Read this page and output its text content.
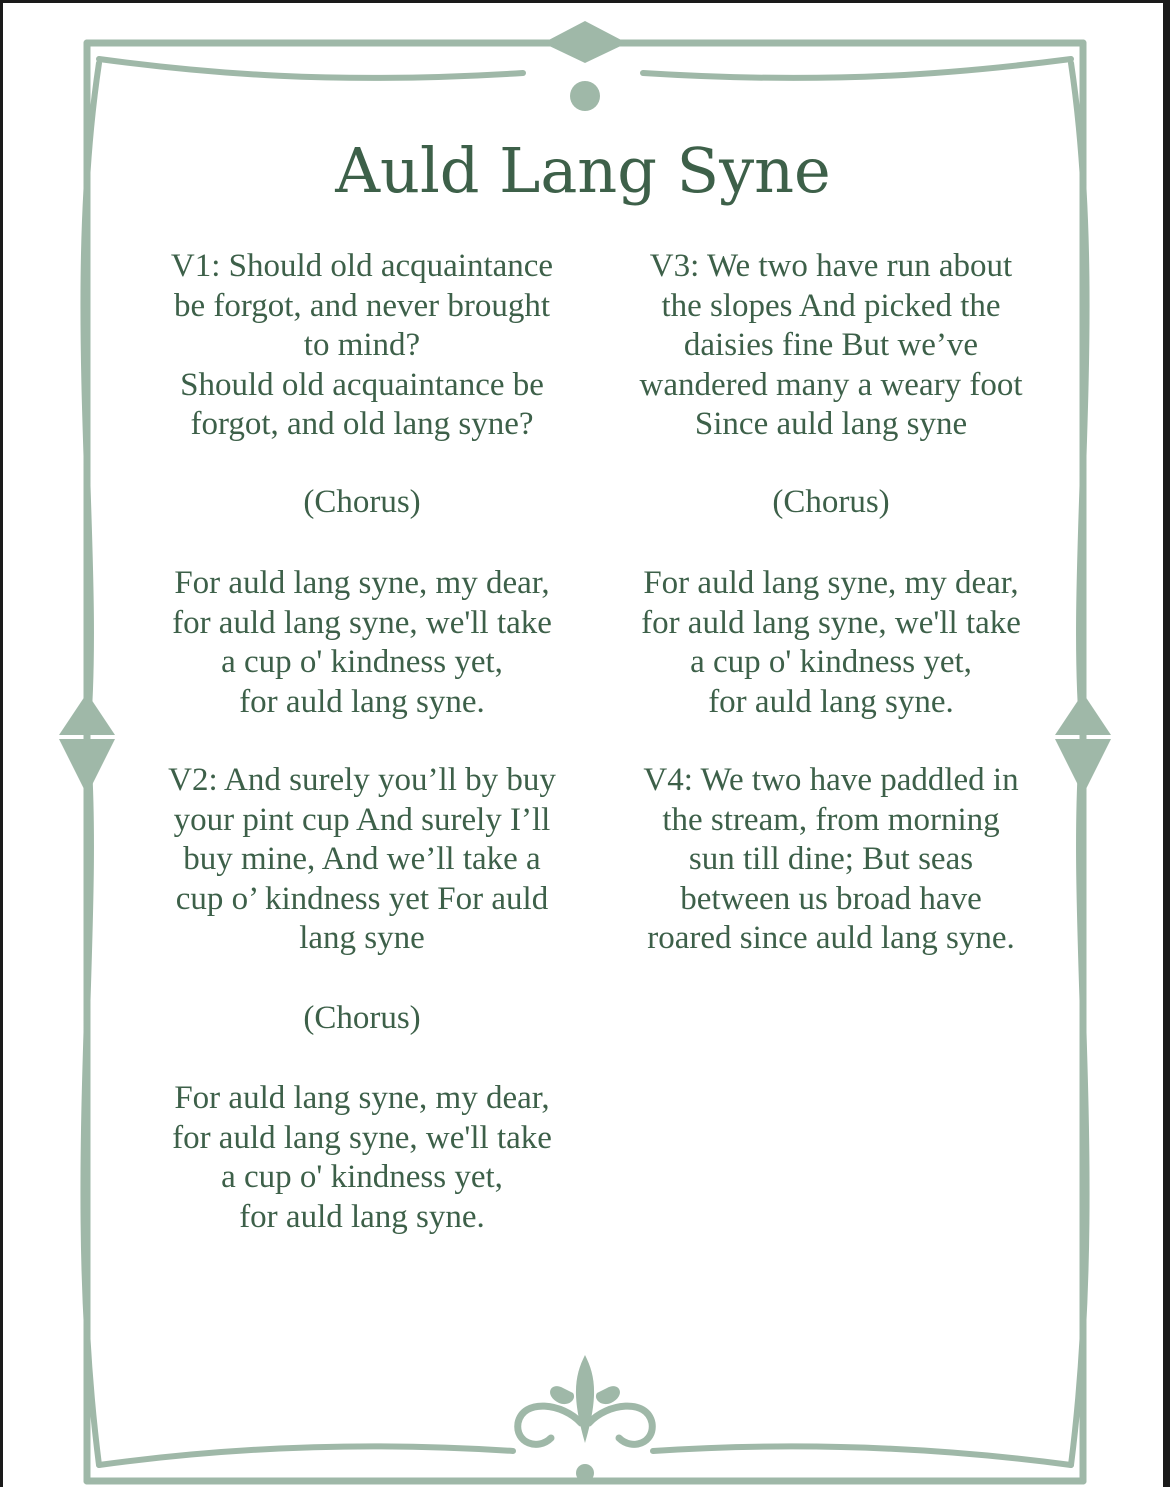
Auld Lang Syne
V1: Should old acquaintance
be forgot, and never brought
to mind?
Should old acquaintance be
forgot, and old lang syne?
(Chorus)
For auld lang syne, my dear,
for auld lang syne, we'll take
a cup o' kindness yet,
for auld lang syne.
V2: And surely you’ll by buy
your pint cup And surely I’ll
buy mine, And we’ll take a
cup o’ kindness yet For auld
lang syne
(Chorus)
For auld lang syne, my dear,
for auld lang syne, we'll take
a cup o' kindness yet,
for auld lang syne.
V3: We two have run about
the slopes And picked the
daisies fine But we’ve
wandered many a weary foot
Since auld lang syne
(Chorus)
For auld lang syne, my dear,
for auld lang syne, we'll take
a cup o' kindness yet,
for auld lang syne.
V4: We two have paddled in
the stream, from morning
sun till dine; But seas
between us broad have
roared since auld lang syne.
